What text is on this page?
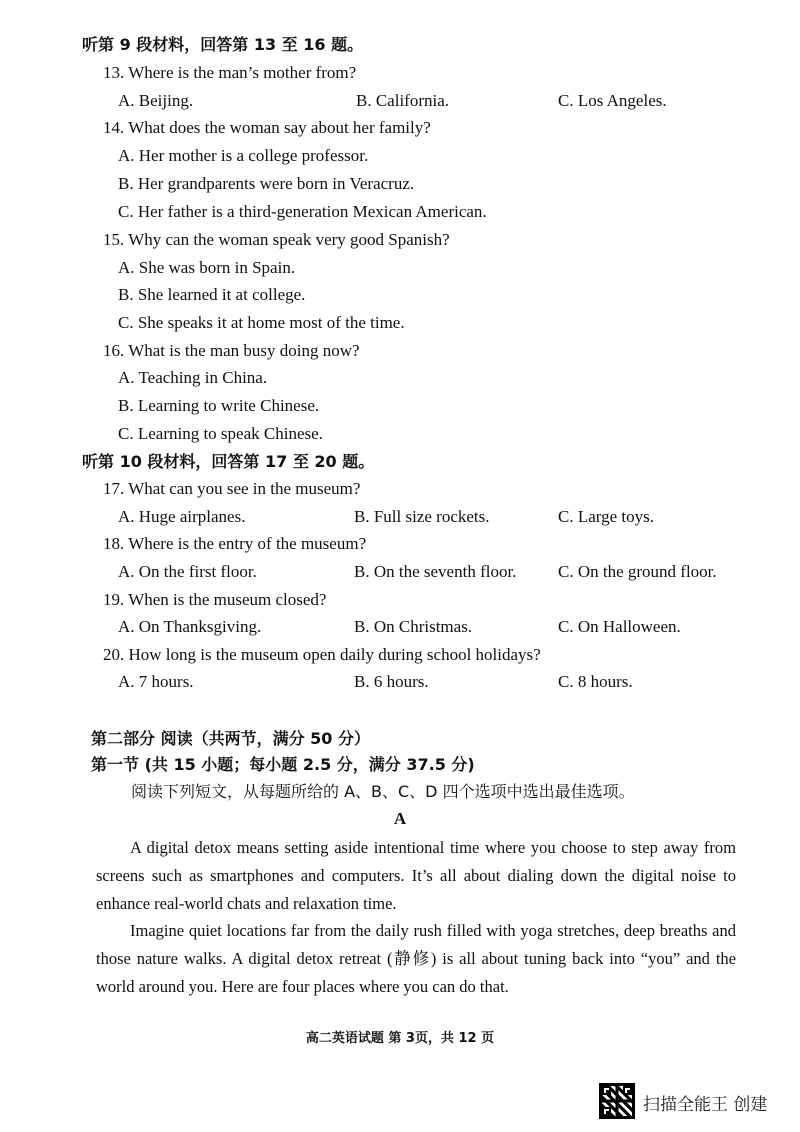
听第 9 段材料，回答第 13 至 16 题。
13. Where is the man’s mother from?
A. Beijing.	B. California.	C. Los Angeles.
14. What does the woman say about her family?
A. Her mother is a college professor.
B. Her grandparents were born in Veracruz.
C. Her father is a third-generation Mexican American.
15. Why can the woman speak very good Spanish?
A. She was born in Spain.
B. She learned it at college.
C. She speaks it at home most of the time.
16. What is the man busy doing now?
A. Teaching in China.
B. Learning to write Chinese.
C. Learning to speak Chinese.
听第 10 段材料，回答第 17 至 20 题。
17. What can you see in the museum?
A. Huge airplanes.	B. Full size rockets.	C. Large toys.
18. Where is the entry of the museum?
A. On the first floor.	B. On the seventh floor. C. On the ground floor.
19. When is the museum closed?
A. On Thanksgiving.	B. On Christmas.	C. On Halloween.
20. How long is the museum open daily during school holidays?
A. 7 hours.	B. 6 hours.	C. 8 hours.
第二部分 阅读（共两节，满分 50 分）
第一节 (共 15 小题；每小题 2.5 分，满分 37.5 分)
阅读下列短文，从每题所给的 A、B、C、D 四个选项中选出最佳选项。
A
A digital detox means setting aside intentional time where you choose to step away from screens such as smartphones and computers. It’s all about dialing down the digital noise to enhance real-world chats and relaxation time.
Imagine quiet locations far from the daily rush filled with yoga stretches, deep breaths and those nature walks. A digital detox retreat (静修) is all about tuning back into “you” and the world around you. Here are four places where you can do that.
高二英语试题 第 3页，共 12 页
扫描全能王 创建
